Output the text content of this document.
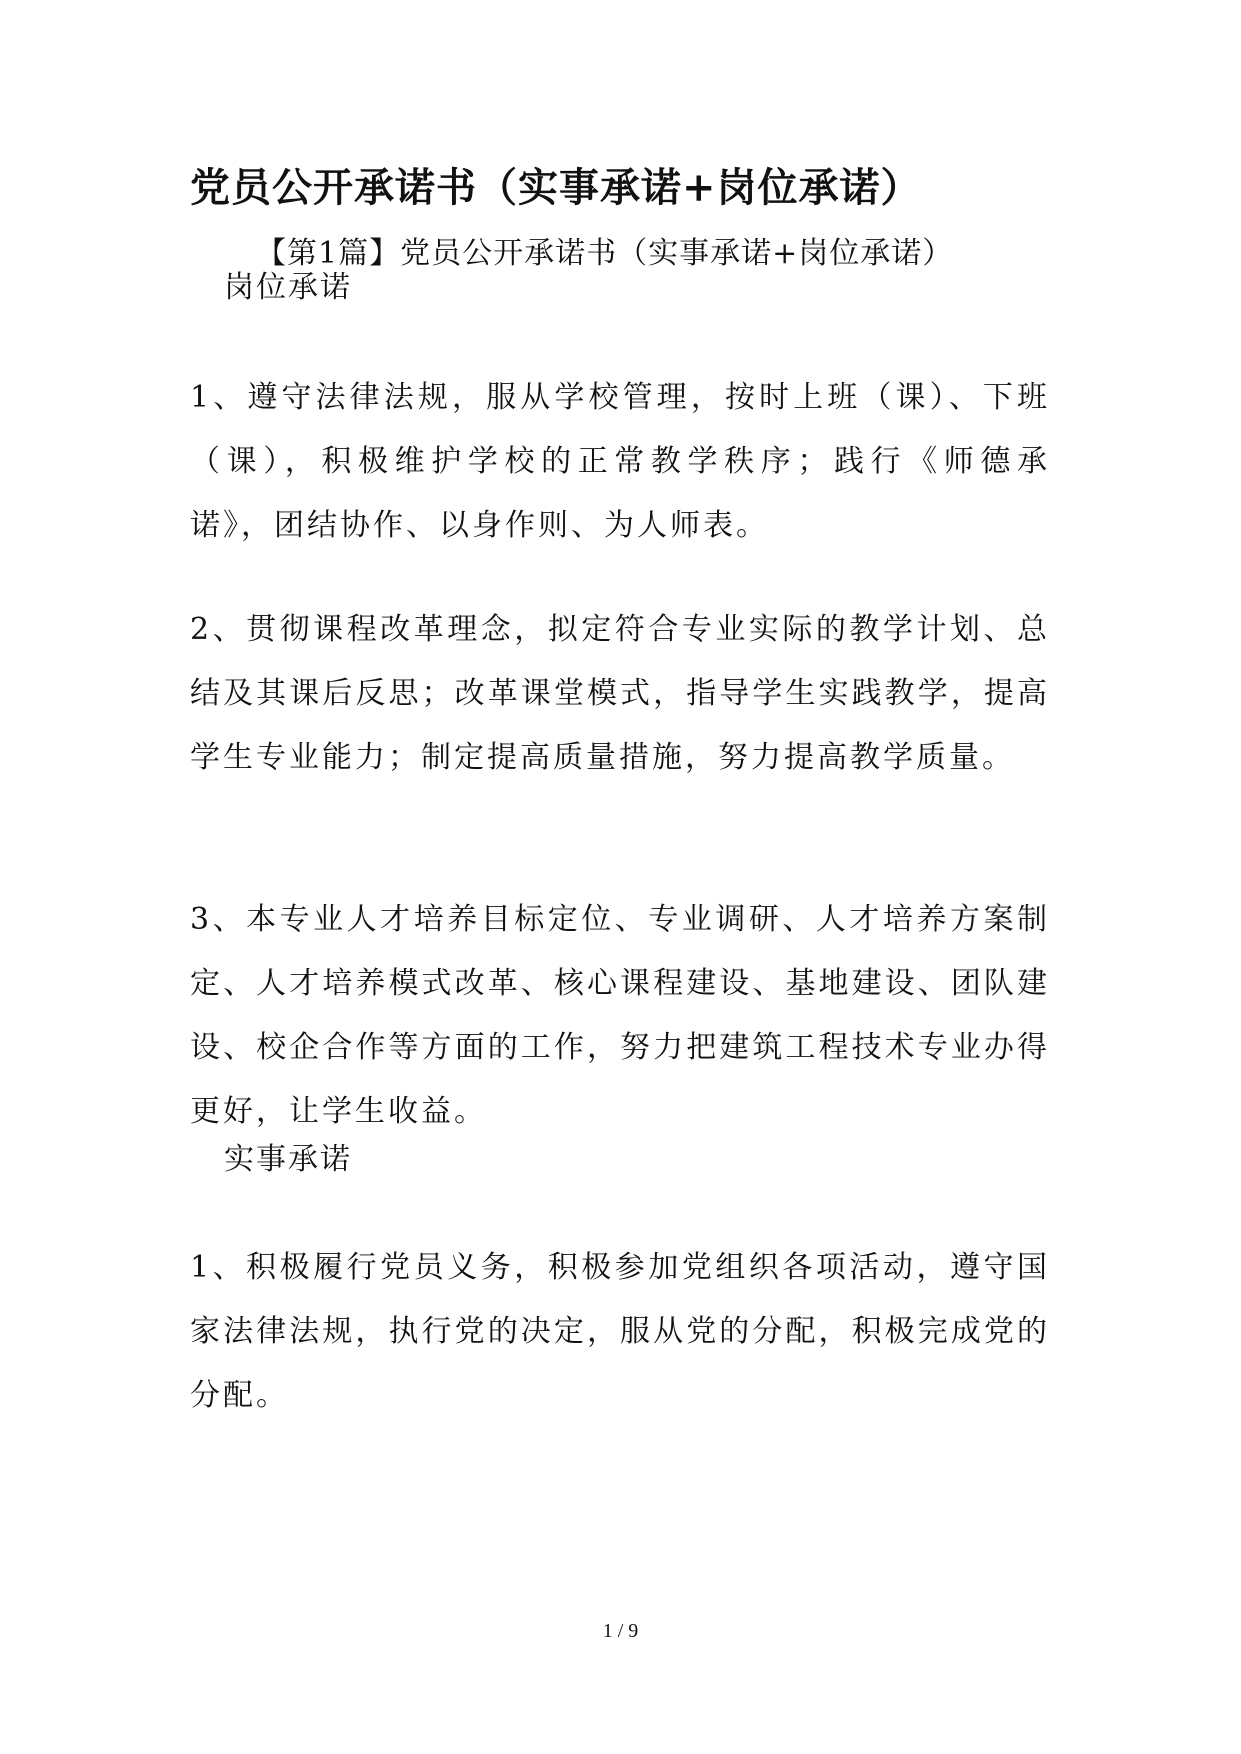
党员公开承诺书（实事承诺+岗位承诺）
【第1篇】党员公开承诺书（实事承诺+岗位承诺）
岗位承诺
1、遵守法律法规，服从学校管理，按时上班（课）、下班（课），积极维护学校的正常教学秩序；践行《师德承诺》，团结协作、以身作则、为人师表。
2、贯彻课程改革理念，拟定符合专业实际的教学计划、总结及其课后反思；改革课堂模式，指导学生实践教学，提高学生专业能力；制定提高质量措施，努力提高教学质量。
3、本专业人才培养目标定位、专业调研、人才培养方案制定、人才培养模式改革、核心课程建设、基地建设、团队建设、校企合作等方面的工作，努力把建筑工程技术专业办得更好，让学生收益。
实事承诺
1、积极履行党员义务，积极参加党组织各项活动，遵守国家法律法规，执行党的决定，服从党的分配，积极完成党的分配。
1 / 9
